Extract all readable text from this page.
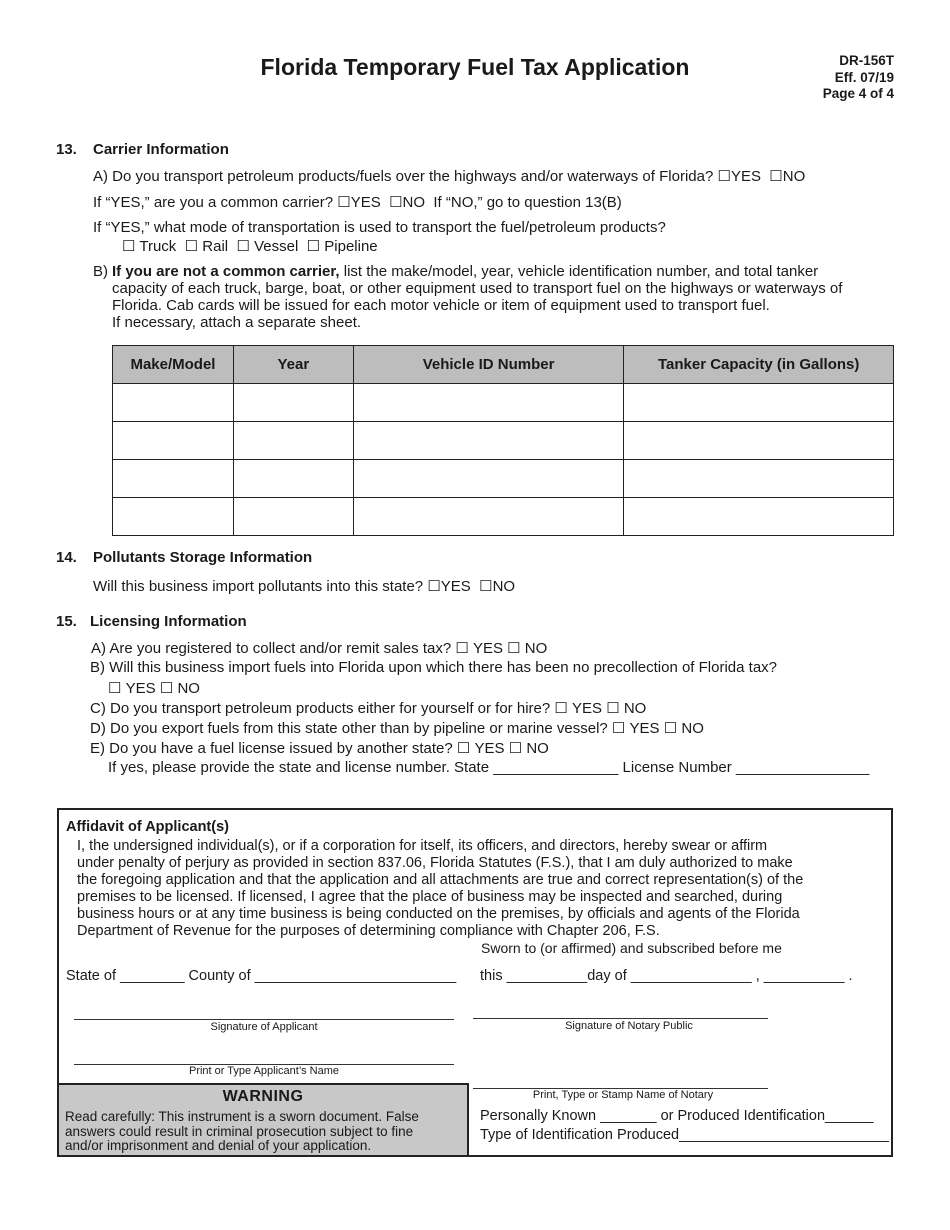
Florida Temporary Fuel Tax Application	DR-156T
Eff. 07/19
Page 4 of 4
13. Carrier Information
A) Do you transport petroleum products/fuels over the highways and/or waterways of Florida? ☐YES ☐NO
If “YES,” are you a common carrier? ☐YES ☐NO If “NO,” go to question 13(B)
If “YES,” what mode of transportation is used to transport the fuel/petroleum products?
☐ Truck ☐ Rail ☐ Vessel ☐ Pipeline
B) If you are not a common carrier, list the make/model, year, vehicle identification number, and total tanker
capacity of each truck, barge, boat, or other equipment used to transport fuel on the highways or waterways of
Florida. Cab cards will be issued for each motor vehicle or item of equipment used to transport fuel.
If necessary, attach a separate sheet.
Make/Model	Year	Vehicle ID Number	Tanker Capacity (in Gallons)

14. Pollutants Storage Information
Will this business import pollutants into this state? ☐YES ☐NO
15. Licensing Information
A) Are you registered to collect and/or remit sales tax? ☐ YES ☐ NO
B) Will this business import fuels into Florida upon which there has been no precollection of Florida tax?
☐ YES ☐ NO
C) Do you transport petroleum products either for yourself or for hire? ☐ YES ☐ NO
D) Do you export fuels from this state other than by pipeline or marine vessel? ☐ YES ☐ NO
E) Do you have a fuel license issued by another state? ☐ YES ☐ NO
If yes, please provide the state and license number. State _______________ License Number ________________
Affidavit of Applicant(s)
I, the undersigned individual(s), or if a corporation for itself, its officers, and directors, hereby swear or affirm
under penalty of perjury as provided in section 837.06, Florida Statutes (F.S.), that I am duly authorized to make
the foregoing application and that the application and all attachments are true and correct representation(s) of the
premises to be licensed. If licensed, I agree that the place of business may be inspected and searched, during
business hours or at any time business is being conducted on the premises, by officials and agents of the Florida
Department of Revenue for the purposes of determining compliance with Chapter 206, F.S.
Sworn to (or affirmed) and subscribed before me
State of ________ County of _________________________ this __________day of _______________ , __________ .
Signature of Applicant	Signature of Notary Public
Print or Type Applicant’s Name
Print, Type or Stamp Name of Notary
Personally Known _______ or Produced Identification______
Type of Identification Produced__________________________
WARNING
Read carefully: This instrument is a sworn document. False
answers could result in criminal prosecution subject to fine
and/or imprisonment and denial of your application.
